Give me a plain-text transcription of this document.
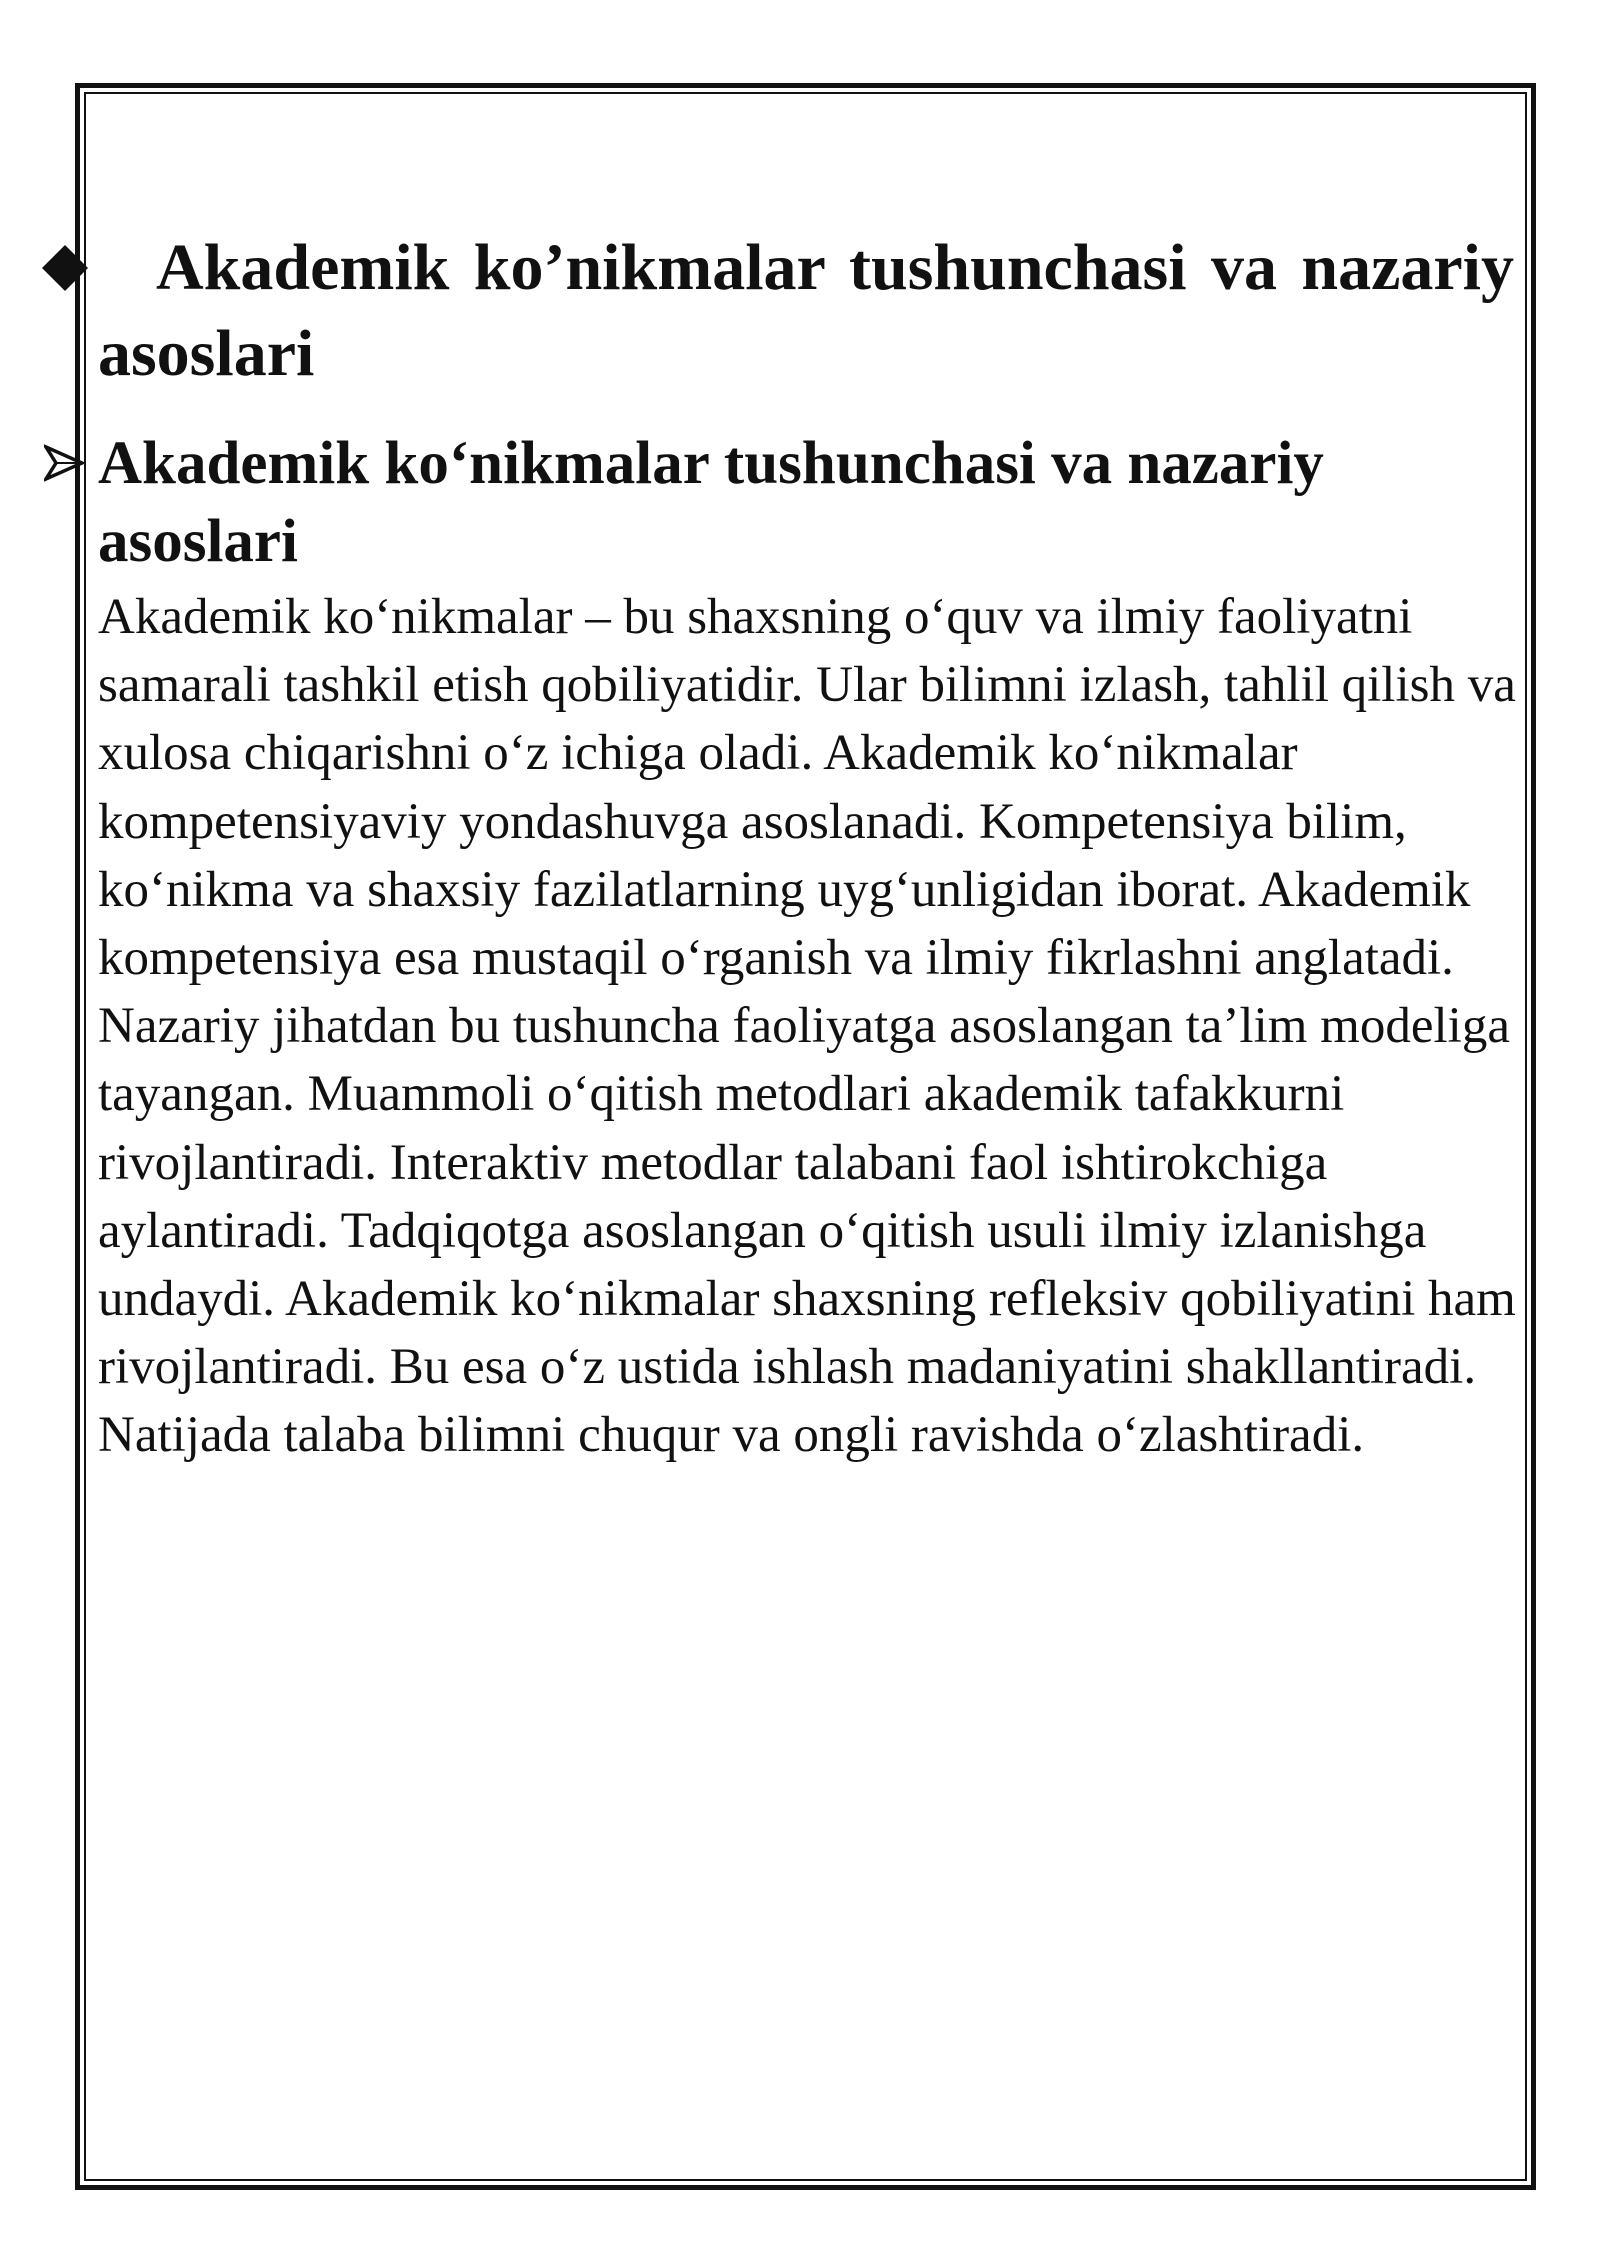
Akademik ko’nikmalar tushunchasi va nazariy asoslari
Akademik ko‘nikmalar tushunchasi va nazariy asoslari

Akademik ko‘nikmalar – bu shaxsning o‘quv va ilmiy faoliyatni samarali tashkil etish qobiliyatidir. Ular bilimni izlash, tahlil qilish va xulosa chiqarishni o‘z ichiga oladi. Akademik ko‘nikmalar kompetensiyaviy yondashuvga asoslanadi. Kompetensiya bilim, ko‘nikma va shaxsiy fazilatlarning uyg‘unligidan iborat. Akademik kompetensiya esa mustaqil o‘rganish va ilmiy fikrlashni anglatadi. Nazariy jihatdan bu tushuncha faoliyatga asoslangan ta’lim modeliga tayangan. Muammoli o‘qitish metodlari akademik tafakkurni rivojlantiradi. Interaktiv metodlar talabani faol ishtirokchiga aylantiradi. Tadqiqotga asoslangan o‘qitish usuli ilmiy izlanishga undaydi. Akademik ko‘nikmalar shaxsning refleksiv qobiliyatini ham rivojlantiradi. Bu esa o‘z ustida ishlash madaniyatini shakllantiradi. Natijada talaba bilimni chuqur va ongli ravishda o‘zlashtiradi.
